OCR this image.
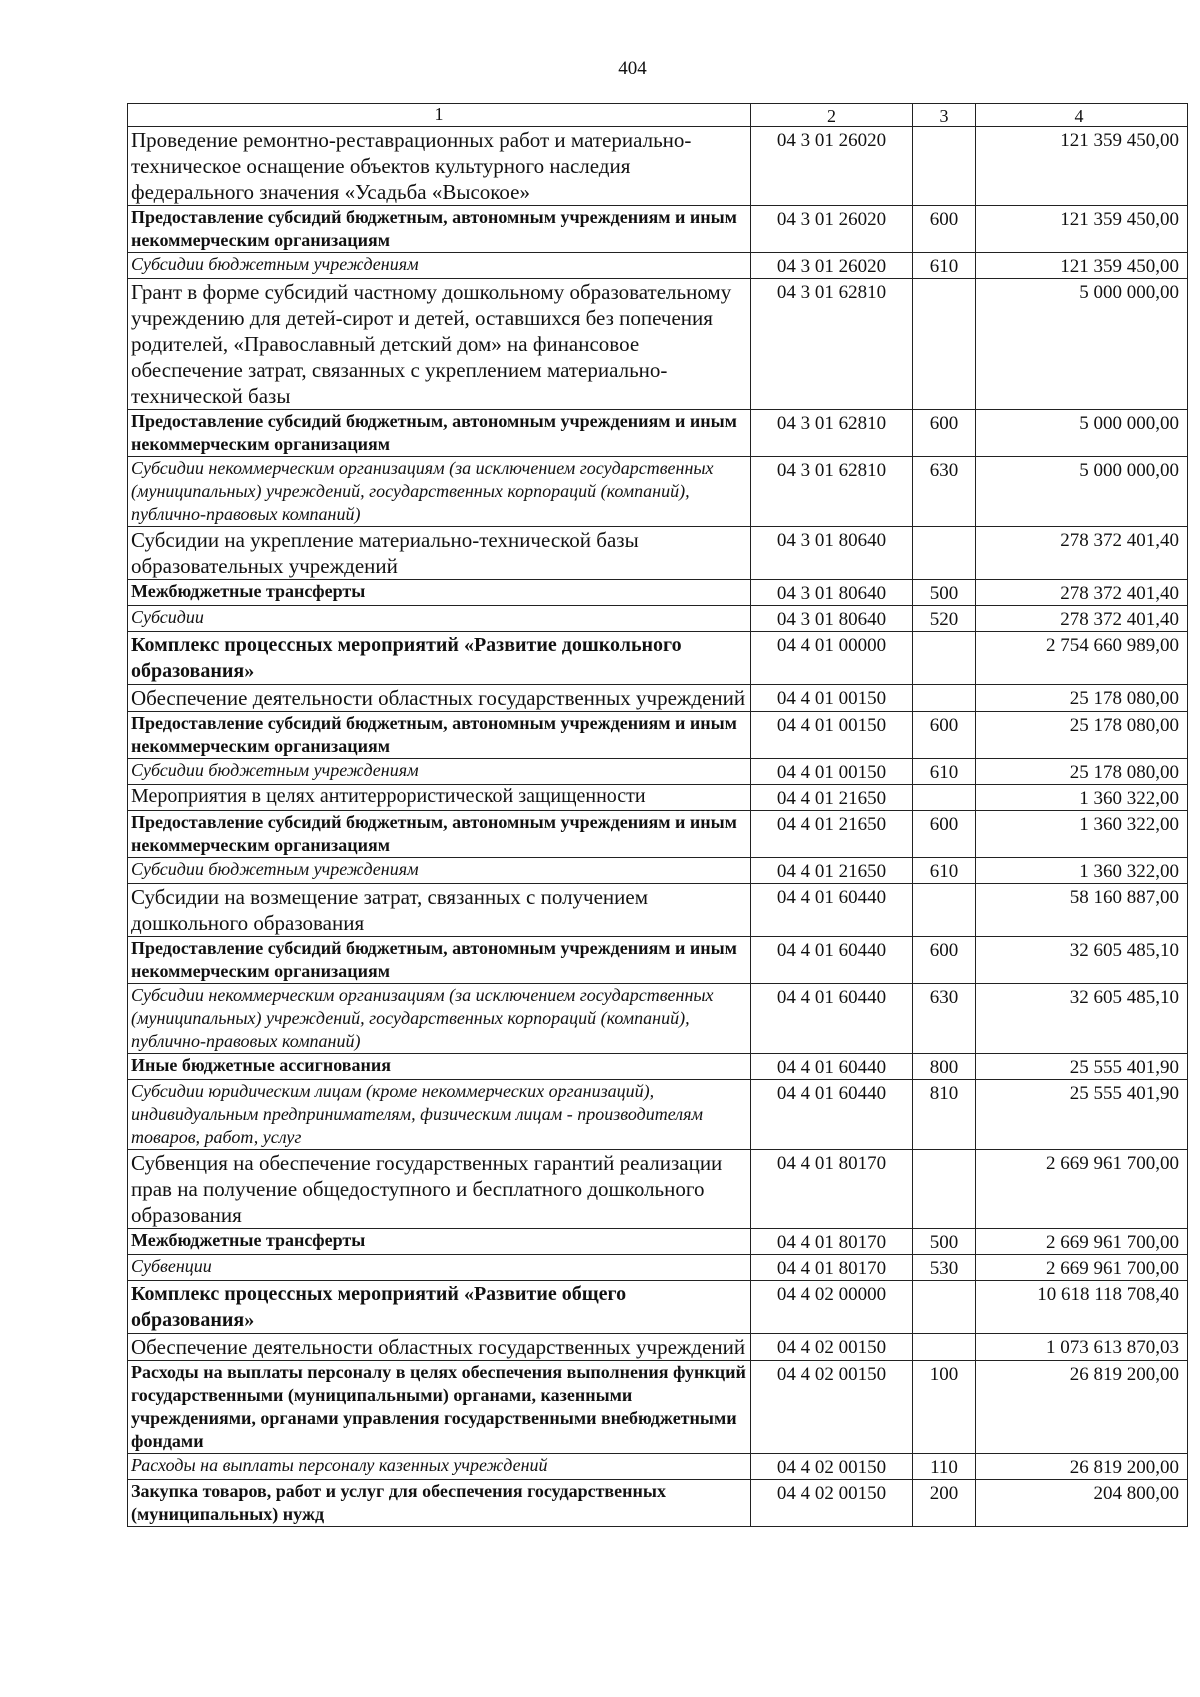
404
1	2	3	4
Проведение ремонтно-реставрационных работ и материально-техническое оснащение объектов культурного наследия федерального значения «Усадьба «Высокое»	04 3 01 26020		121 359 450,00
Предоставление субсидий бюджетным, автономным учреждениям и иным некоммерческим организациям	04 3 01 26020	600	121 359 450,00
Субсидии бюджетным учреждениям	04 3 01 26020	610	121 359 450,00
Грант в форме субсидий частному дошкольному образовательному учреждению для детей-сирот и детей, оставшихся без попечения родителей, «Православный детский дом» на финансовое обеспечение затрат, связанных с укреплением материально-технической базы	04 3 01 62810		5 000 000,00
Предоставление субсидий бюджетным, автономным учреждениям и иным некоммерческим организациям	04 3 01 62810	600	5 000 000,00
Субсидии некоммерческим организациям (за исключением государственных (муниципальных) учреждений, государственных корпораций (компаний), публично-правовых компаний)	04 3 01 62810	630	5 000 000,00
Субсидии на укрепление материально-технической базы образовательных учреждений	04 3 01 80640		278 372 401,40
Межбюджетные трансферты	04 3 01 80640	500	278 372 401,40
Субсидии	04 3 01 80640	520	278 372 401,40
Комплекс процессных мероприятий «Развитие дошкольного образования»	04 4 01 00000		2 754 660 989,00
Обеспечение деятельности областных государственных учреждений	04 4 01 00150		25 178 080,00
Предоставление субсидий бюджетным, автономным учреждениям и иным некоммерческим организациям	04 4 01 00150	600	25 178 080,00
Субсидии бюджетным учреждениям	04 4 01 00150	610	25 178 080,00
Мероприятия в целях антитеррористической защищенности	04 4 01 21650		1 360 322,00
Предоставление субсидий бюджетным, автономным учреждениям и иным некоммерческим организациям	04 4 01 21650	600	1 360 322,00
Субсидии бюджетным учреждениям	04 4 01 21650	610	1 360 322,00
Субсидии на возмещение затрат, связанных с получением дошкольного образования	04 4 01 60440		58 160 887,00
Предоставление субсидий бюджетным, автономным учреждениям и иным некоммерческим организациям	04 4 01 60440	600	32 605 485,10
Субсидии некоммерческим организациям (за исключением государственных (муниципальных) учреждений, государственных корпораций (компаний), публично-правовых компаний)	04 4 01 60440	630	32 605 485,10
Иные бюджетные ассигнования	04 4 01 60440	800	25 555 401,90
Субсидии юридическим лицам (кроме некоммерческих организаций), индивидуальным предпринимателям, физическим лицам - производителям товаров, работ, услуг	04 4 01 60440	810	25 555 401,90
Субвенция на обеспечение государственных гарантий реализации прав на получение общедоступного и бесплатного дошкольного образования	04 4 01 80170		2 669 961 700,00
Межбюджетные трансферты	04 4 01 80170	500	2 669 961 700,00
Субвенции	04 4 01 80170	530	2 669 961 700,00
Комплекс процессных мероприятий «Развитие общего образования»	04 4 02 00000		10 618 118 708,40
Обеспечение деятельности областных государственных учреждений	04 4 02 00150		1 073 613 870,03
Расходы на выплаты персоналу в целях обеспечения выполнения функций государственными (муниципальными) органами, казенными учреждениями, органами управления государственными внебюджетными фондами	04 4 02 00150	100	26 819 200,00
Расходы на выплаты персоналу казенных учреждений	04 4 02 00150	110	26 819 200,00
Закупка товаров, работ и услуг для обеспечения государственных (муниципальных) нужд	04 4 02 00150	200	204 800,00
